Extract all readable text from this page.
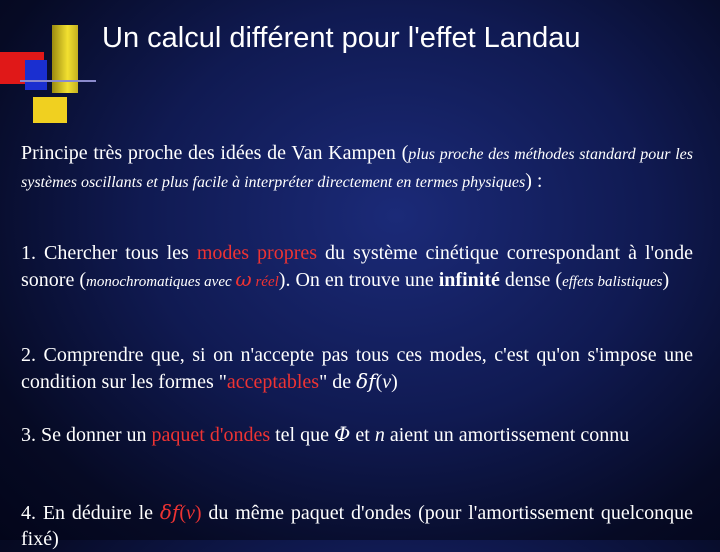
Un calcul différent pour l'effet Landau
Principe très proche des idées de Van Kampen (plus proche des méthodes standard pour les systèmes oscillants et plus facile à interpréter directement en termes physiques) :
1. Chercher tous les modes propres du système cinétique correspondant à l'onde sonore (monochromatiques avec ω réel). On en trouve une infinité dense (effets balistiques)
2. Comprendre que, si on n'accepte pas tous ces modes, c'est qu'on s'impose une condition sur les formes "acceptables" de δf(v)
3. Se donner un paquet d'ondes tel que Φ et n aient un amortissement connu
4. En déduire le δf(v) du même paquet d'ondes (pour l'amortissement quelconque fixé)
